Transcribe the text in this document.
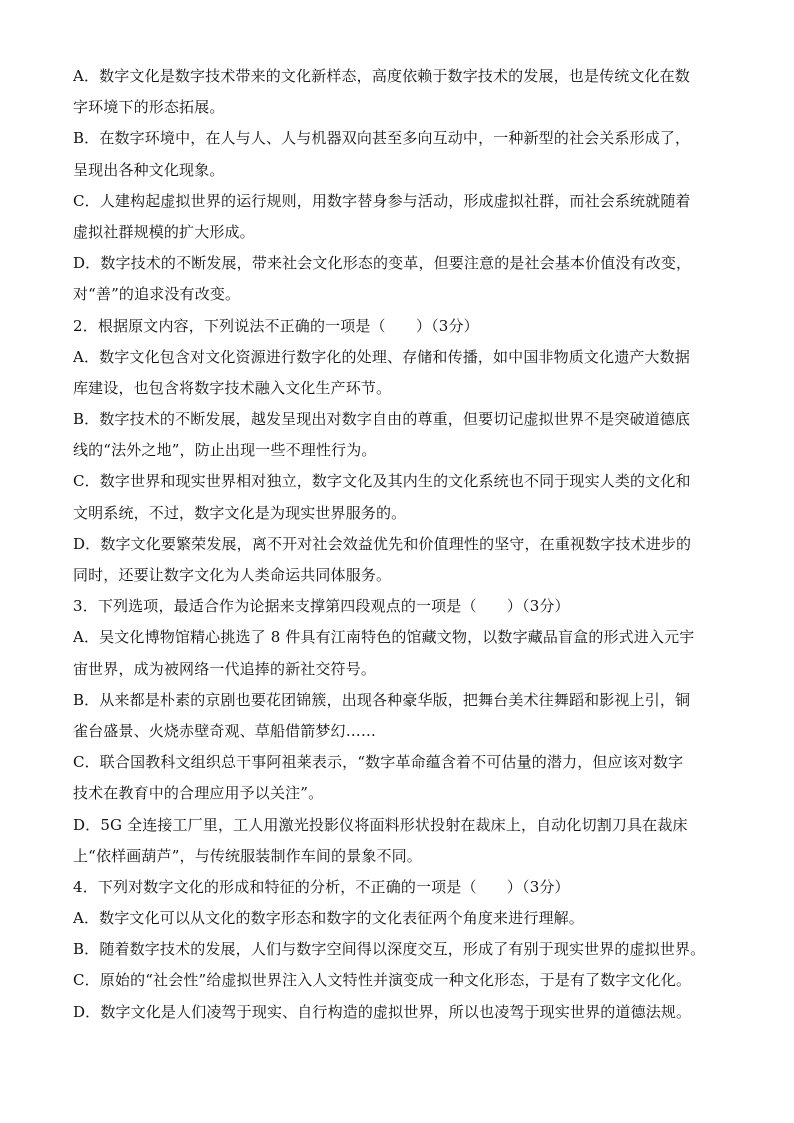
A．数字文化是数字技术带来的文化新样态，高度依赖于数字技术的发展，也是传统文化在数
字环境下的形态拓展。
B．在数字环境中，在人与人、人与机器双向甚至多向互动中，一种新型的社会关系形成了，
呈现出各种文化现象。
C．人建构起虚拟世界的运行规则，用数字替身参与活动，形成虚拟社群，而社会系统就随着
虚拟社群规模的扩大形成。
D．数字技术的不断发展，带来社会文化形态的变革，但要注意的是社会基本价值没有改变，
对“善”的追求没有改变。
2．根据原文内容，下列说法不正确的一项是（　　）（3分）
A．数字文化包含对文化资源进行数字化的处理、存储和传播，如中国非物质文化遗产大数据
库建设，也包含将数字技术融入文化生产环节。
B．数字技术的不断发展，越发呈现出对数字自由的尊重，但要切记虚拟世界不是突破道德底
线的“法外之地”，防止出现一些不理性行为。
C．数字世界和现实世界相对独立，数字文化及其内生的文化系统也不同于现实人类的文化和
文明系统，不过，数字文化是为现实世界服务的。
D．数字文化要繁荣发展，离不开对社会效益优先和价值理性的坚守，在重视数字技术进步的
同时，还要让数字文化为人类命运共同体服务。
3．下列选项，最适合作为论据来支撑第四段观点的一项是（　　）（3分）
A．吴文化博物馆精心挑选了 8 件具有江南特色的馆藏文物，以数字藏品盲盒的形式进入元宇
宙世界，成为被网络一代追捧的新社交符号。
B．从来都是朴素的京剧也要花团锦簇，出现各种豪华版，把舞台美术往舞蹈和影视上引，铜
雀台盛景、火烧赤壁奇观、草船借箭梦幻……
C．联合国教科文组织总干事阿祖莱表示，“数字革命蕴含着不可估量的潜力，但应该对数字
技术在教育中的合理应用予以关注”。
D．5G 全连接工厂里，工人用激光投影仪将面料形状投射在裁床上，自动化切割刀具在裁床
上“依样画葫芦”，与传统服装制作车间的景象不同。
4．下列对数字文化的形成和特征的分析，不正确的一项是（　　）（3分）
A．数字文化可以从文化的数字形态和数字的文化表征两个角度来进行理解。
B．随着数字技术的发展，人们与数字空间得以深度交互，形成了有别于现实世界的虚拟世界。
C．原始的“社会性”给虚拟世界注入人文特性并演变成一种文化形态，于是有了数字文化化。
D．数字文化是人们凌驾于现实、自行构造的虚拟世界，所以也凌驾于现实世界的道德法规。
